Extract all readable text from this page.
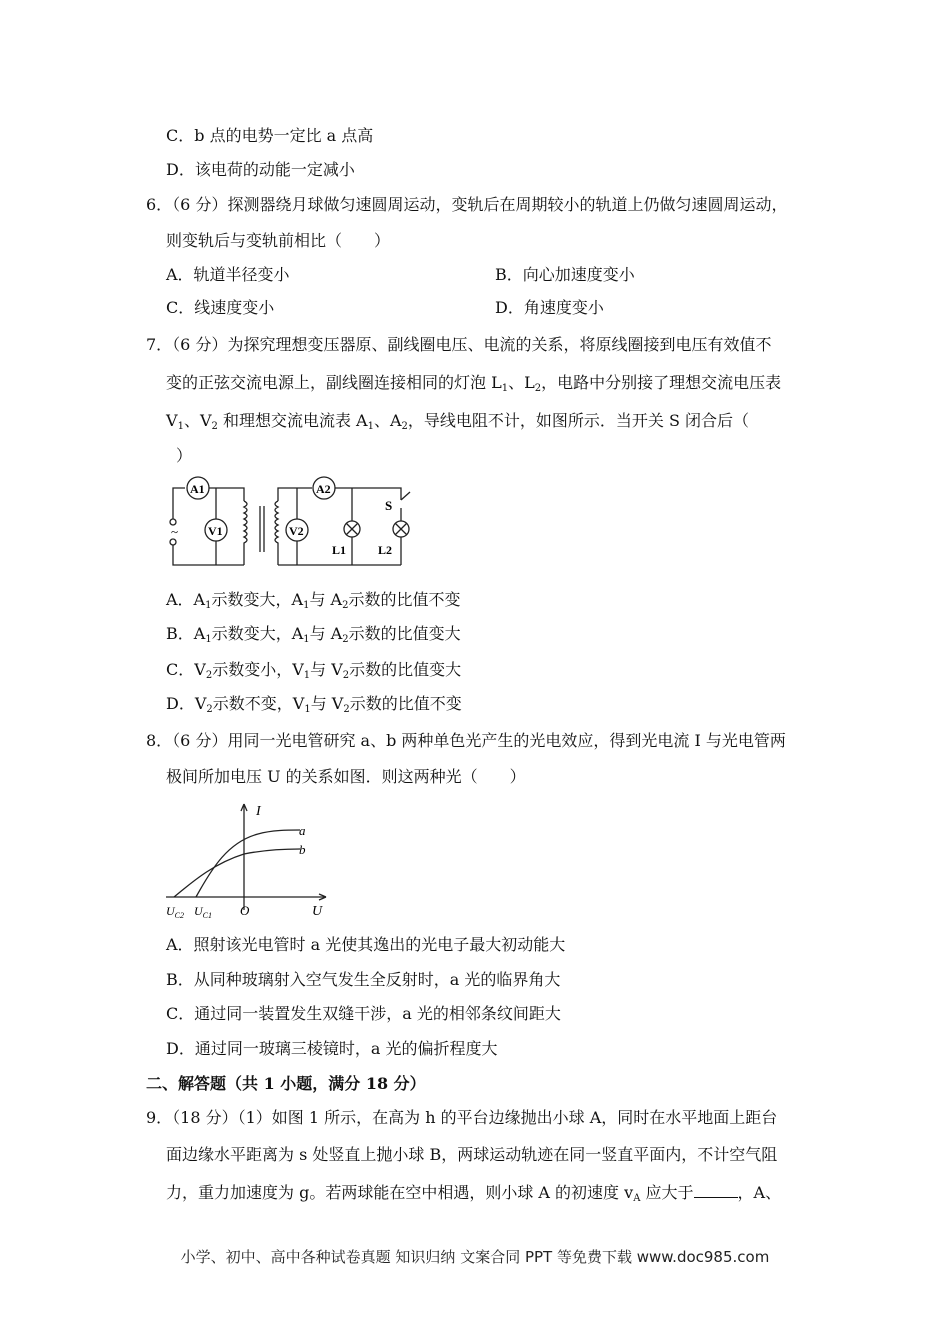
C．b 点的电势一定比 a 点高
D．该电荷的动能一定减小
6．（6 分）探测器绕月球做匀速圆周运动，变轨后在周期较小的轨道上仍做匀速圆周运动，
则变轨后与变轨前相比（　　）
A．轨道半径变小	B．向心加速度变小
C．线速度变小	D．角速度变小
7．（6 分）为探究理想变压器原、副线圈电压、电流的关系，将原线圈接到电压有效值不
变的正弦交流电源上，副线圈连接相同的灯泡 $L_1$、$L_2$，电路中分别接了理想交流电压表
$V_1$、$V_2$ 和理想交流电流表 $A_1$、$A_2$，导线电阻不计，如图所示．当开关 S 闭合后（
）
~
A1
V1
A2
V2
S
L1	L2
A．$A_1$示数变大，$A_1$与 $A_2$示数的比值不变
B．$A_1$示数变大，$A_1$与 $A_2$示数的比值变大
C．$V_2$示数变小，$V_1$与 $V_2$示数的比值变大
D．$V_2$示数不变，$V_1$与 $V_2$示数的比值不变
8．（6 分）用同一光电管研究 a、b 两种单色光产生的光电效应，得到光电流 I 与光电管两
极间所加电压 U 的关系如图．则这两种光（　　）
I
U
O
a
b
$U_{C2}$ $U_{C1}$
A．照射该光电管时 a 光使其逸出的光电子最大初动能大
B．从同种玻璃射入空气发生全反射时，a 光的临界角大
C．通过同一装置发生双缝干涉，a 光的相邻条纹间距大
D．通过同一玻璃三棱镜时，a 光的偏折程度大
二、解答题（共 1 小题，满分 18 分）
9．（18 分）（1）如图 1 所示，在高为 h 的平台边缘抛出小球 A，同时在水平地面上距台
面边缘水平距离为 s 处竖直上抛小球 B，两球运动轨迹在同一竖直平面内，不计空气阻
力，重力加速度为 g。若两球能在空中相遇，则小球 A 的初速度 $v_A$ 应大于	，A、
小学、初中、高中各种试卷真题 知识归纳 文案合同 PPT 等免费下载 www.doc985.com
